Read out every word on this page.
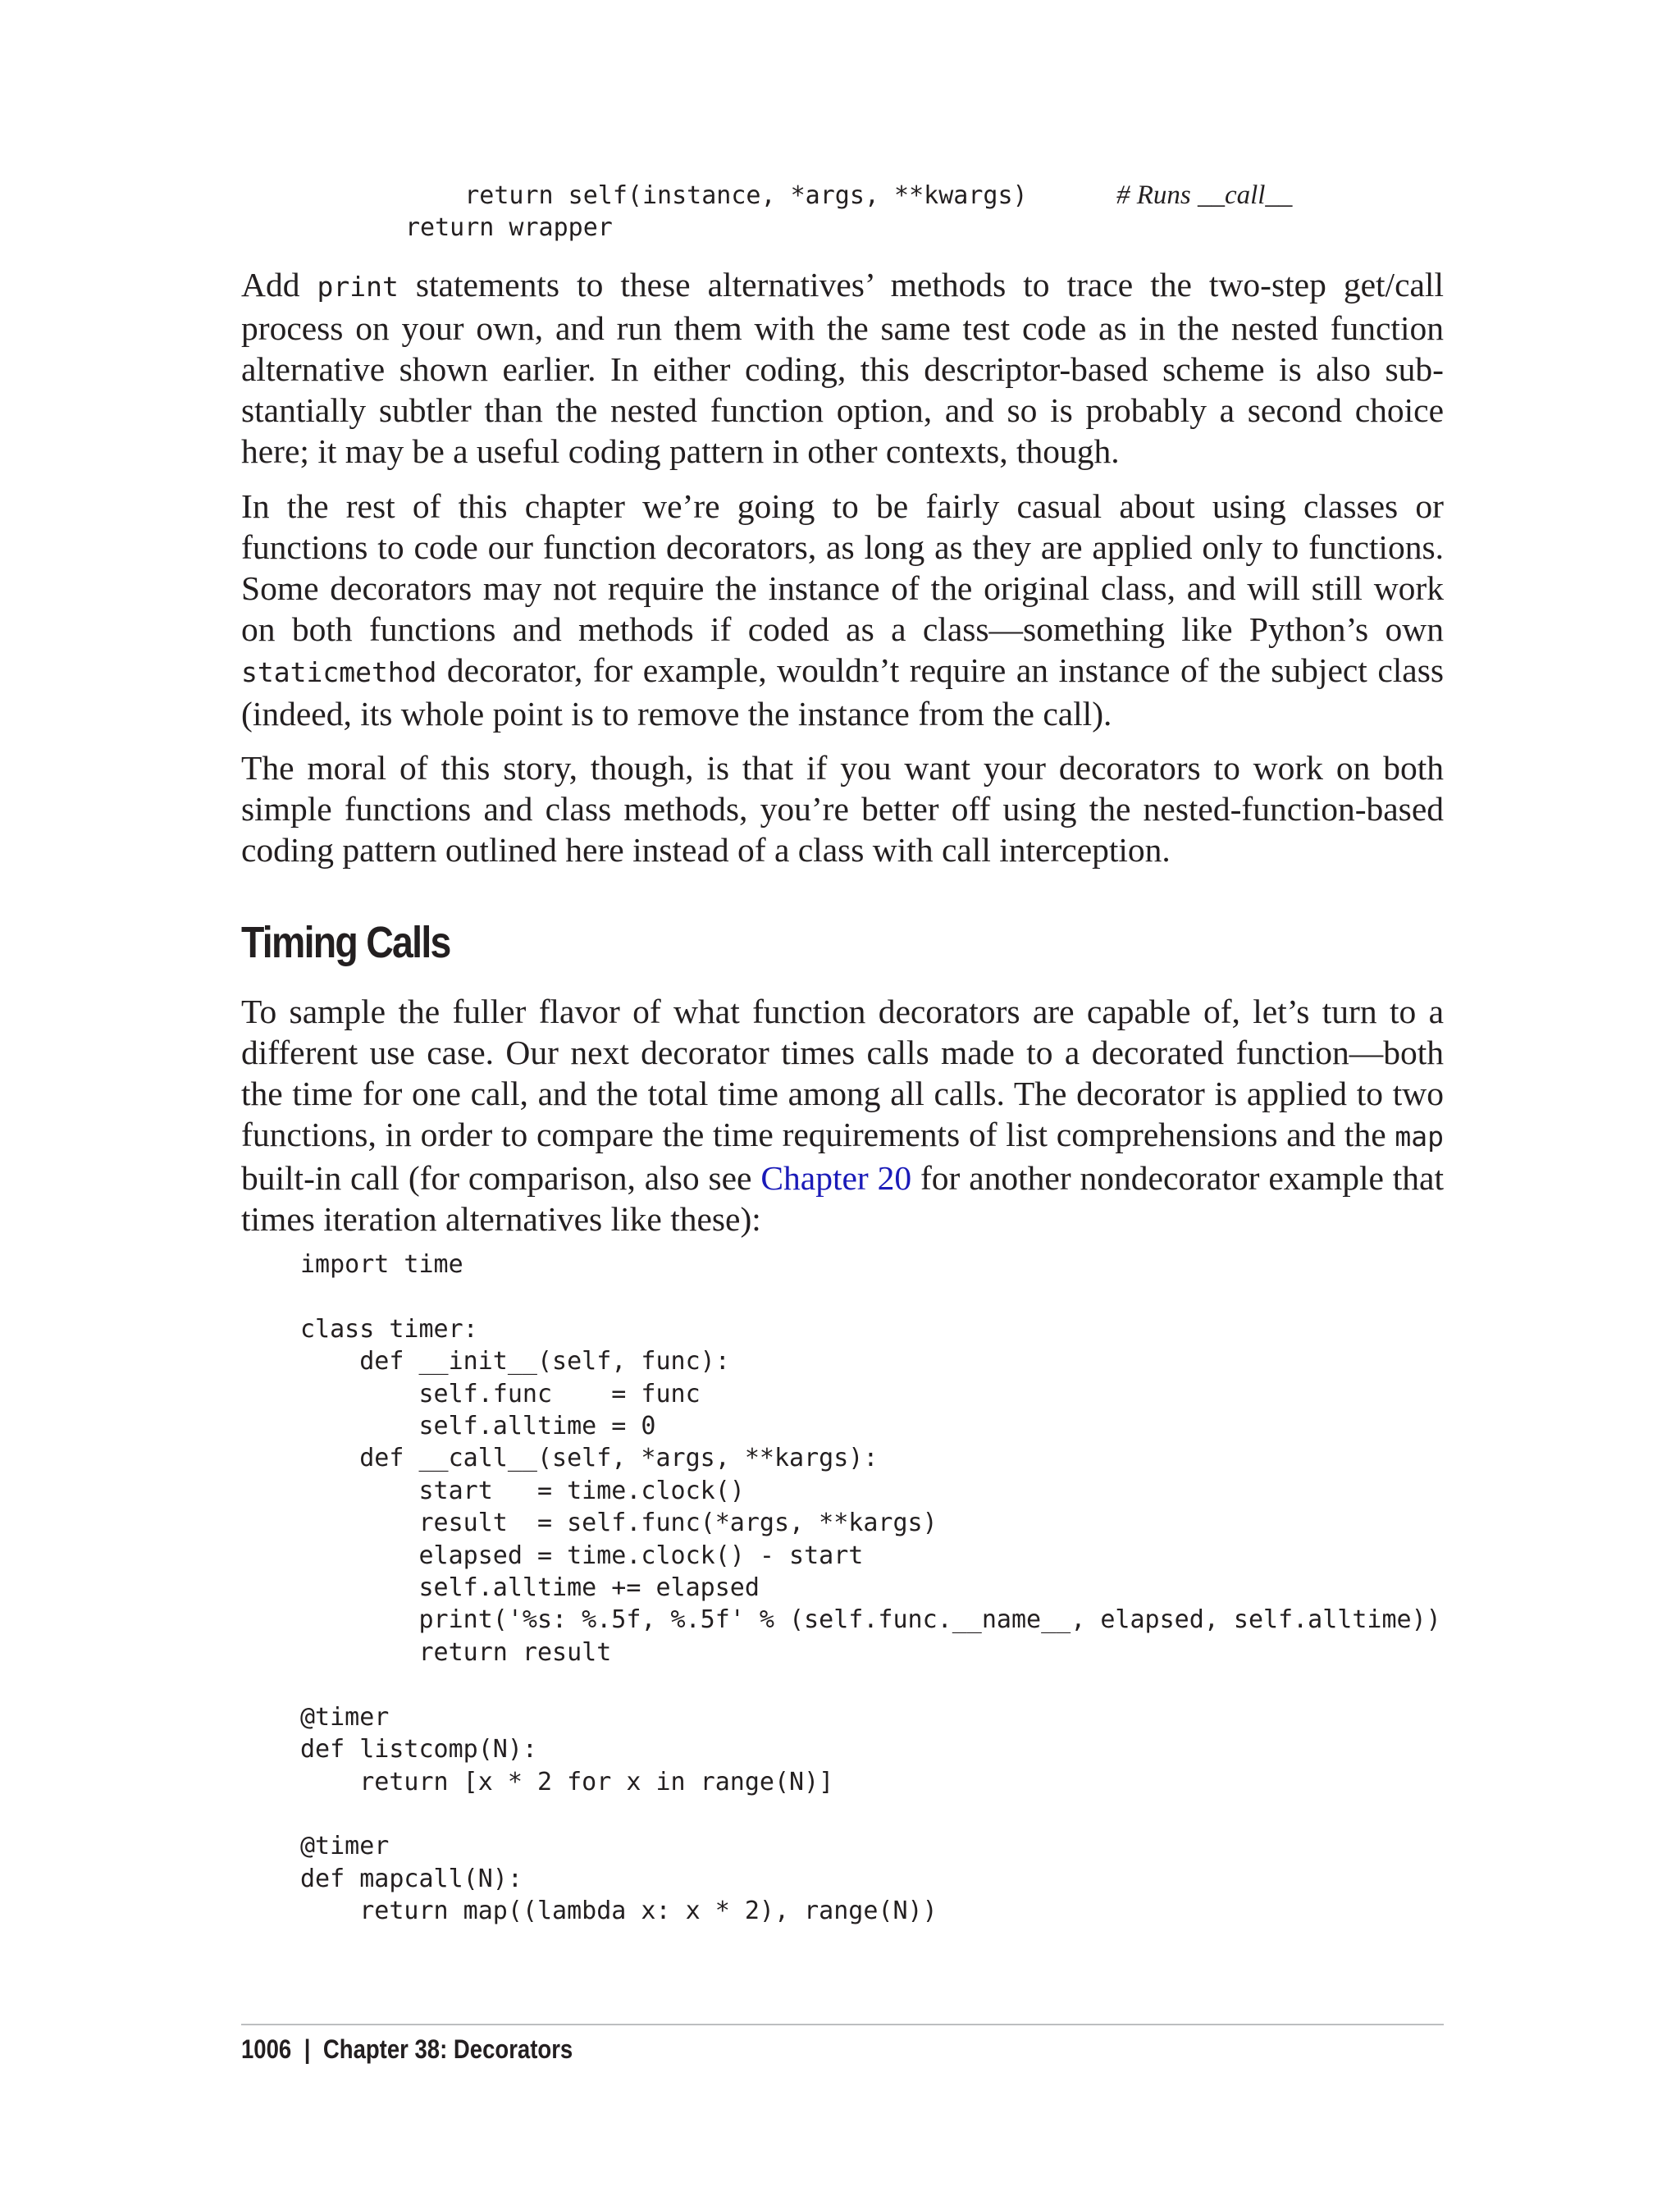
return self(instance, *args, **kwargs)      # Runs __call__
return wrapper

Add print statements to these alternatives’ methods to trace the two-step get/call process on your own, and run them with the same test code as in the nested function alternative shown earlier. In either coding, this descriptor-based scheme is also sub-stantially subtler than the nested function option, and so is probably a second choice here; it may be a useful coding pattern in other contexts, though.

In the rest of this chapter we’re going to be fairly casual about using classes or functions to code our function decorators, as long as they are applied only to functions. Some decorators may not require the instance of the original class, and will still work on both functions and methods if coded as a class—something like Python’s own staticmethod decorator, for example, wouldn’t require an instance of the subject class (indeed, its whole point is to remove the instance from the call).

The moral of this story, though, is that if you want your decorators to work on both simple functions and class methods, you’re better off using the nested-function-based coding pattern outlined here instead of a class with call interception.

Timing Calls

To sample the fuller flavor of what function decorators are capable of, let’s turn to a different use case. Our next decorator times calls made to a decorated function—both the time for one call, and the total time among all calls. The decorator is applied to two functions, in order to compare the time requirements of list comprehensions and the map built-in call (for comparison, also see Chapter 20 for another nondecorator example that times iteration alternatives like these):

import time

class timer:
def __init__(self, func):
self.func    = func
self.alltime = 0
def __call__(self, *args, **kargs):
start   = time.clock()
result  = self.func(*args, **kargs)
elapsed = time.clock() - start
self.alltime += elapsed
print('%s: %.5f, %.5f' % (self.func.__name__, elapsed, self.alltime))
return result

@timer
def listcomp(N):
return [x * 2 for x in range(N)]

@timer
def mapcall(N):
return map((lambda x: x * 2), range(N))
1006 | Chapter 38: Decorators
